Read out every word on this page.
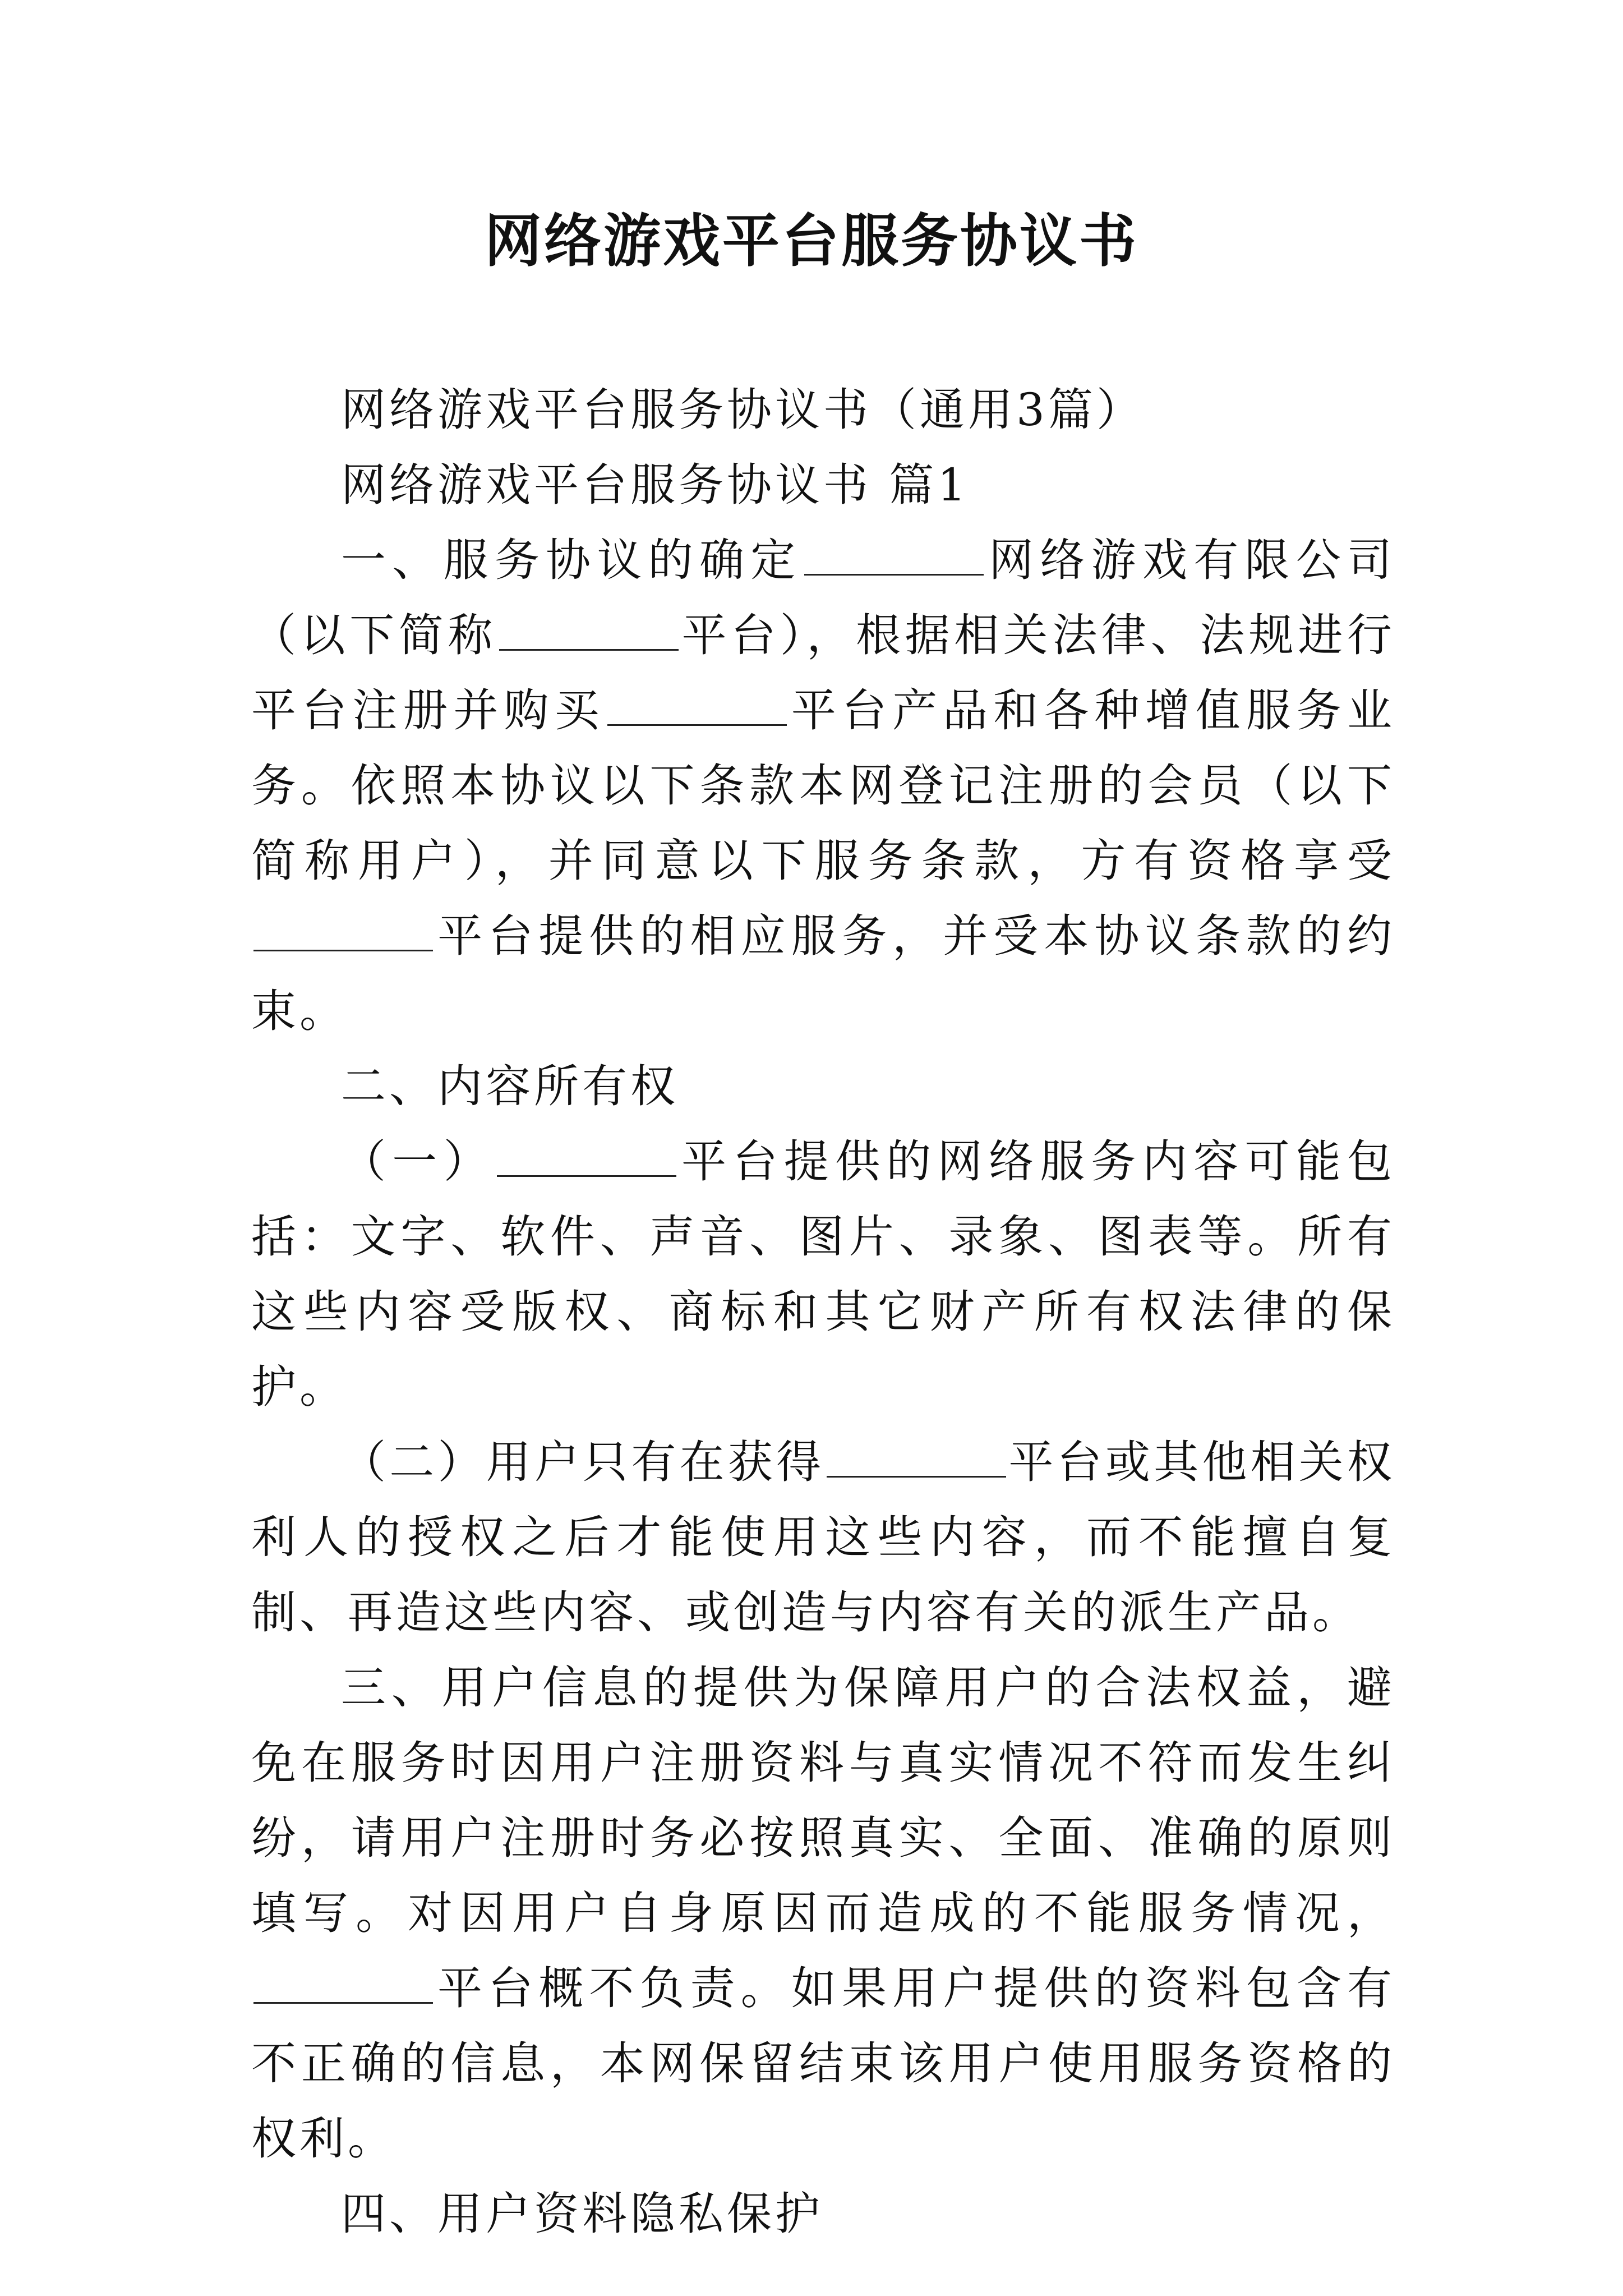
网络游戏平台服务协议书

网络游戏平台服务协议书（通用3篇）

网络游戏平台服务协议书 篇1

一、服务协议的确定	网络游戏有限公司（以下简称	平台），根据相关法律、法规进行平台注册并购买	平台产品和各种增值服务业务。依照本协议以下条款本网登记注册的会员（以下简称用户），并同意以下服务条款，方有资格享受平台提供的相应服务，并受本协议条款的约束。

二、内容所有权

（一）	平台提供的网络服务内容可能包括：文字、软件、声音、图片、录象、图表等。所有这些内容受版权、商标和其它财产所有权法律的保护。

（二）用户只有在获得	平台或其他相关权利人的授权之后才能使用这些内容，而不能擅自复制、再造这些内容、或创造与内容有关的派生产品。

三、用户信息的提供为保障用户的合法权益，避免在服务时因用户注册资料与真实情况不符而发生纠纷，请用户注册时务必按照真实、全面、准确的原则填写。对因用户自身原因而造成的不能服务情况，平台概不负责。如果用户提供的资料包含有不正确的信息，本网保留结束该用户使用服务资格的权利。

四、用户资料隐私保护
